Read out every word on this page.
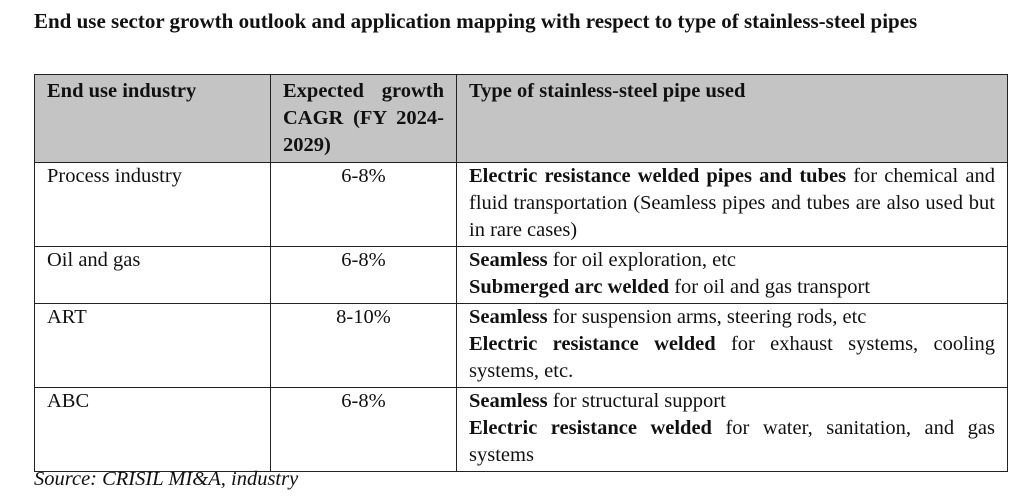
End use sector growth outlook and application mapping with respect to type of stainless-steel pipes
End use industry	Expected growth CAGR (FY 2024-2029)	Type of stainless-steel pipe used
Process industry	6-8%	Electric resistance welded pipes and tubes for chemical and fluid transportation (Seamless pipes and tubes are also used but in rare cases)
Oil and gas	6-8%	Seamless for oil exploration, etc
Submerged arc welded for oil and gas transport

ART	8-10%	Seamless for suspension arms, steering rods, etc
Electric resistance welded for exhaust systems, cooling systems, etc.

ABC	6-8%	Seamless for structural support
Electric resistance welded for water, sanitation, and gas systems
Source: CRISIL MI&A, industry
